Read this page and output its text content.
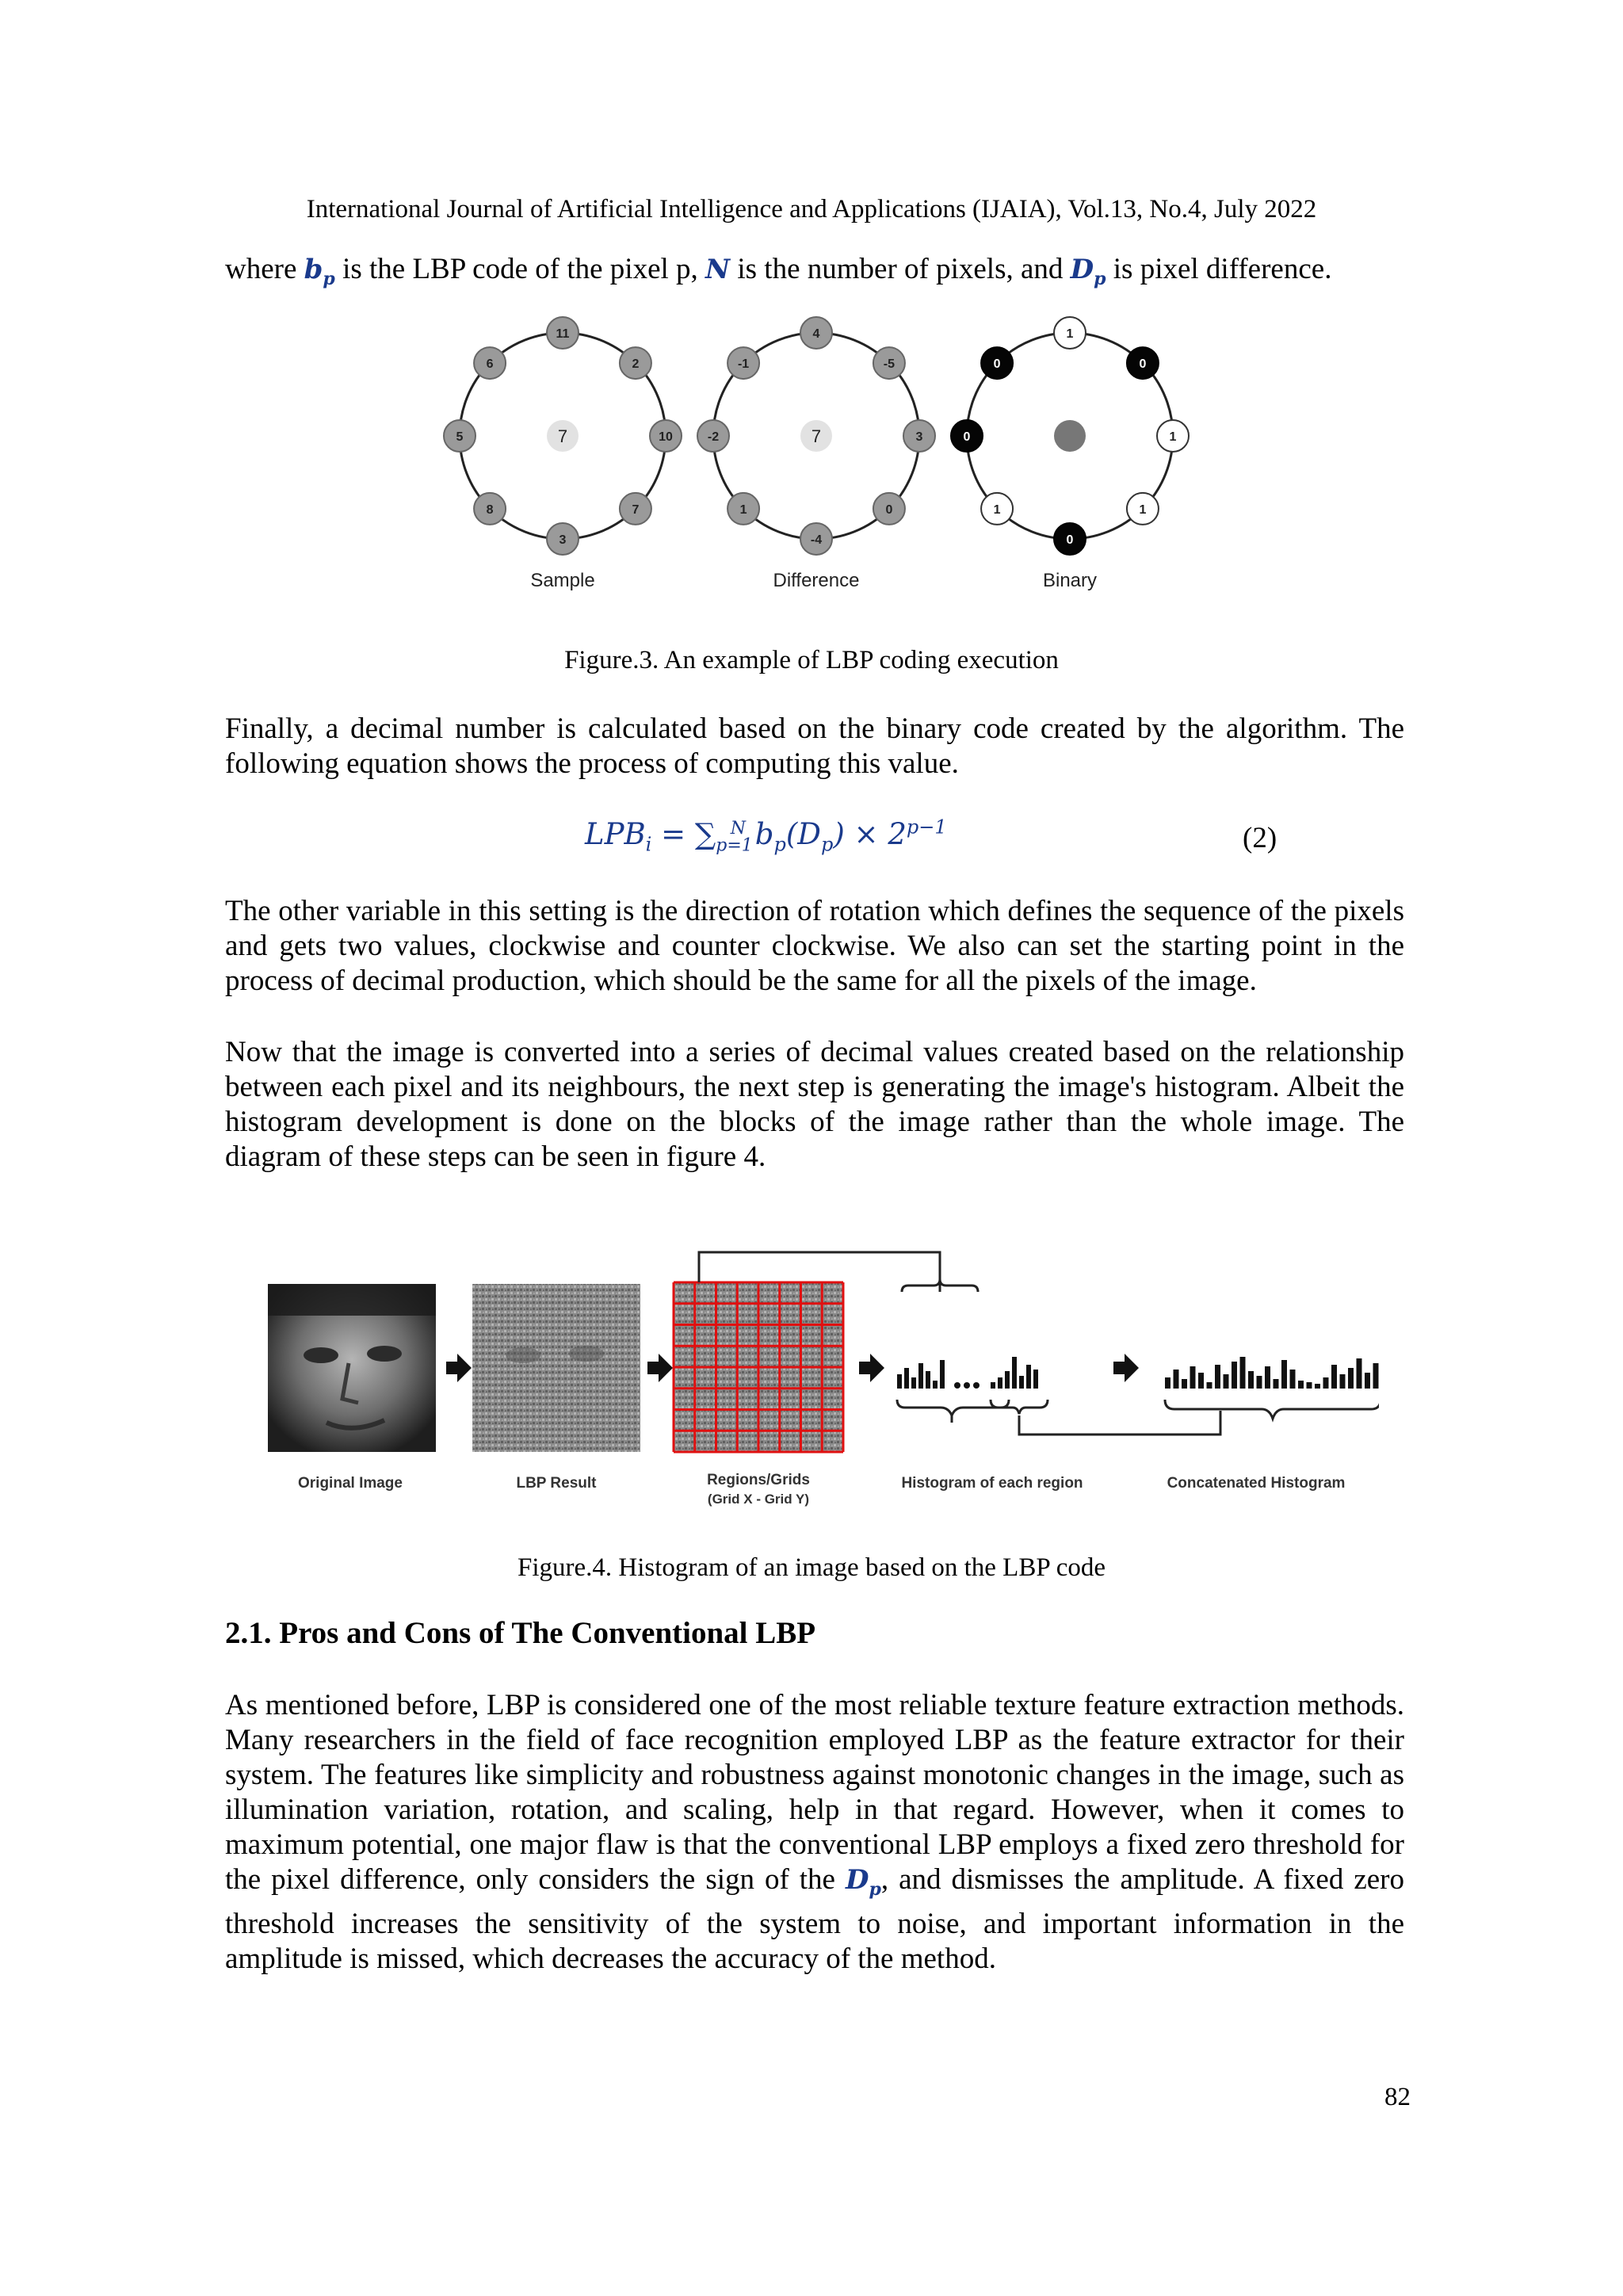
International Journal of Artificial Intelligence and Applications (IJAIA), Vol.13, No.4, July 2022
where $b_p$ is the LBP code of the pixel p, N is the number of pixels, and $D_p$ is pixel difference.
11
2
10
7
3
8
5
6
7
Sample
4
-5
3
0
-4
1
-2
-1
7
Difference
1
0
1
1
0
1
0
0
Binary
Figure.3. An example of LBP coding execution

Finally, a decimal number is calculated based on the binary code created by the algorithm. The following equation shows the process of computing this value.

$LPB_i = \sum_{p=1}^N$ $b_p(D_p) \times 2^{p-1}$	(2)

The other variable in this setting is the direction of rotation which defines the sequence of the pixels and gets two values, clockwise and counter clockwise. We also can set the starting point in the process of decimal production, which should be the same for all the pixels of the image.

Now that the image is converted into a series of decimal values created based on the relationship between each pixel and its neighbours, the next step is generating the image's histogram. Albeit the histogram development is done on the blocks of the image rather than the whole image. The diagram of these steps can be seen in figure 4.

Original Image	LBP Result	Regions/Grids
(Grid X - Grid Y)
Histogram of each region	Concatenated Histogram
Figure.4. Histogram of an image based on the LBP code
2.1. Pros and Cons of The Conventional LBP

As mentioned before, LBP is considered one of the most reliable texture feature extraction methods. Many researchers in the field of face recognition employed LBP as the feature extractor for their system. The features like simplicity and robustness against monotonic changes in the image, such as illumination variation, rotation, and scaling, help in that regard. However, when it comes to maximum potential, one major flaw is that the conventional LBP employs a fixed zero threshold for the pixel difference, only considers the sign of the $D_p$, and dismisses the amplitude. A fixed zero threshold increases the sensitivity of the system to noise, and important information in the amplitude is missed, which decreases the accuracy of the method.

82
